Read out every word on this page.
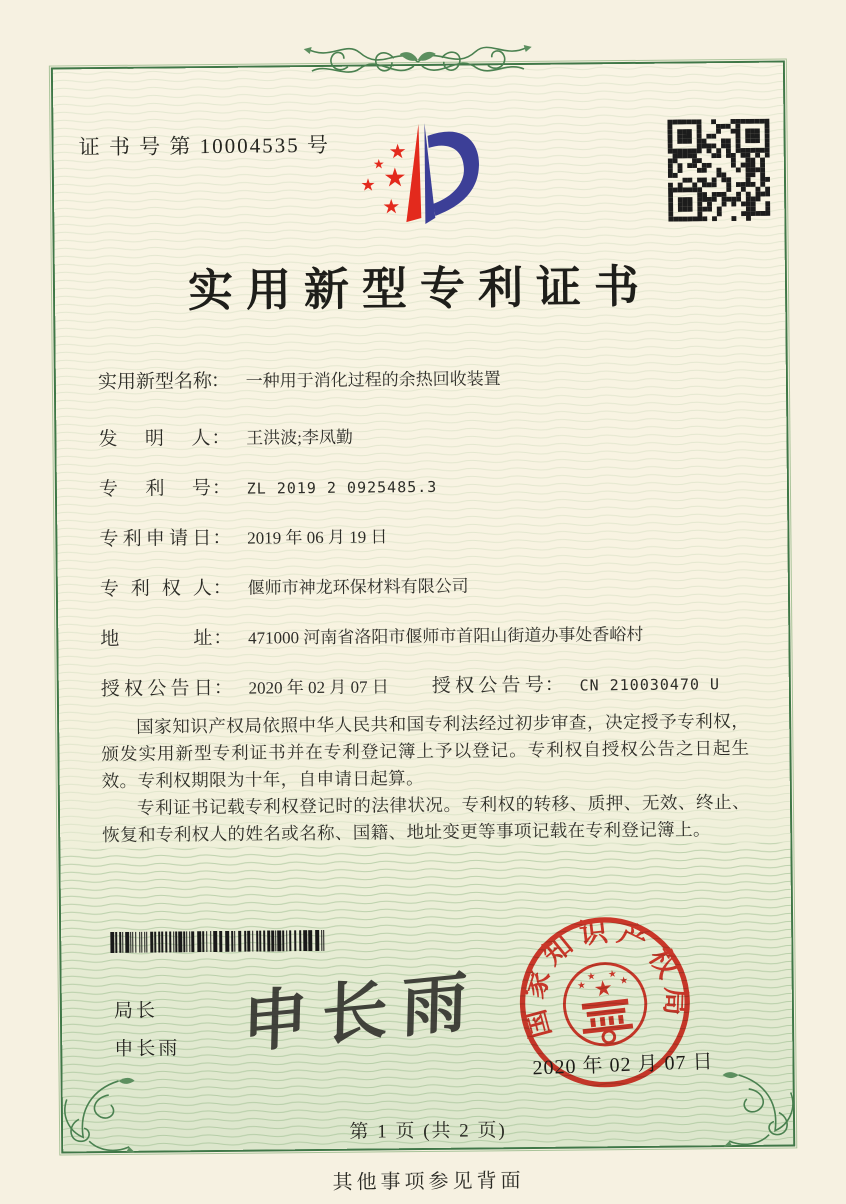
证 书 号 第 10004535 号	★
★
★
★
★
实用新型专利证书
实 用 新 型 名 称
： 一种用于消化过程的余热回收装置
发 明 人 ： 王洪波;李凤勤
专 利 号 ： ZL 2019 2 0925485.3
专 利 申 请 日 ： 2019 年 06 月 19 日
专 利 权 人 ： 偃师市神龙环保材料有限公司
地	址 ： 471000 河南省洛阳市偃师市首阳山街道办事处香峪村
授 权 公 告 日 ： 2020 年 02 月 07 日 授 权 公 告 号 ： CN 210030470 U

国家知识产权局依照中华人民共和国专利法经过初步审查，决定授予专利权，颁发实用新型专利证书并在专利登记簿上予以登记。专利权自授权公告之日起生效。专利权期限为十年，自申请日起算。

专利证书记载专利权登记时的法律状况。专利权的转移、质押、无效、终止、恢复和专利权人的姓名或名称、国籍、地址变更等事项记载在专利登记簿上。

局长
申长雨 申长雨	国家知识产权局
★
★
★ ★
★
2020 年 02 月 07 日
第 1 页 (共 2 页)
其他事项参见背面
